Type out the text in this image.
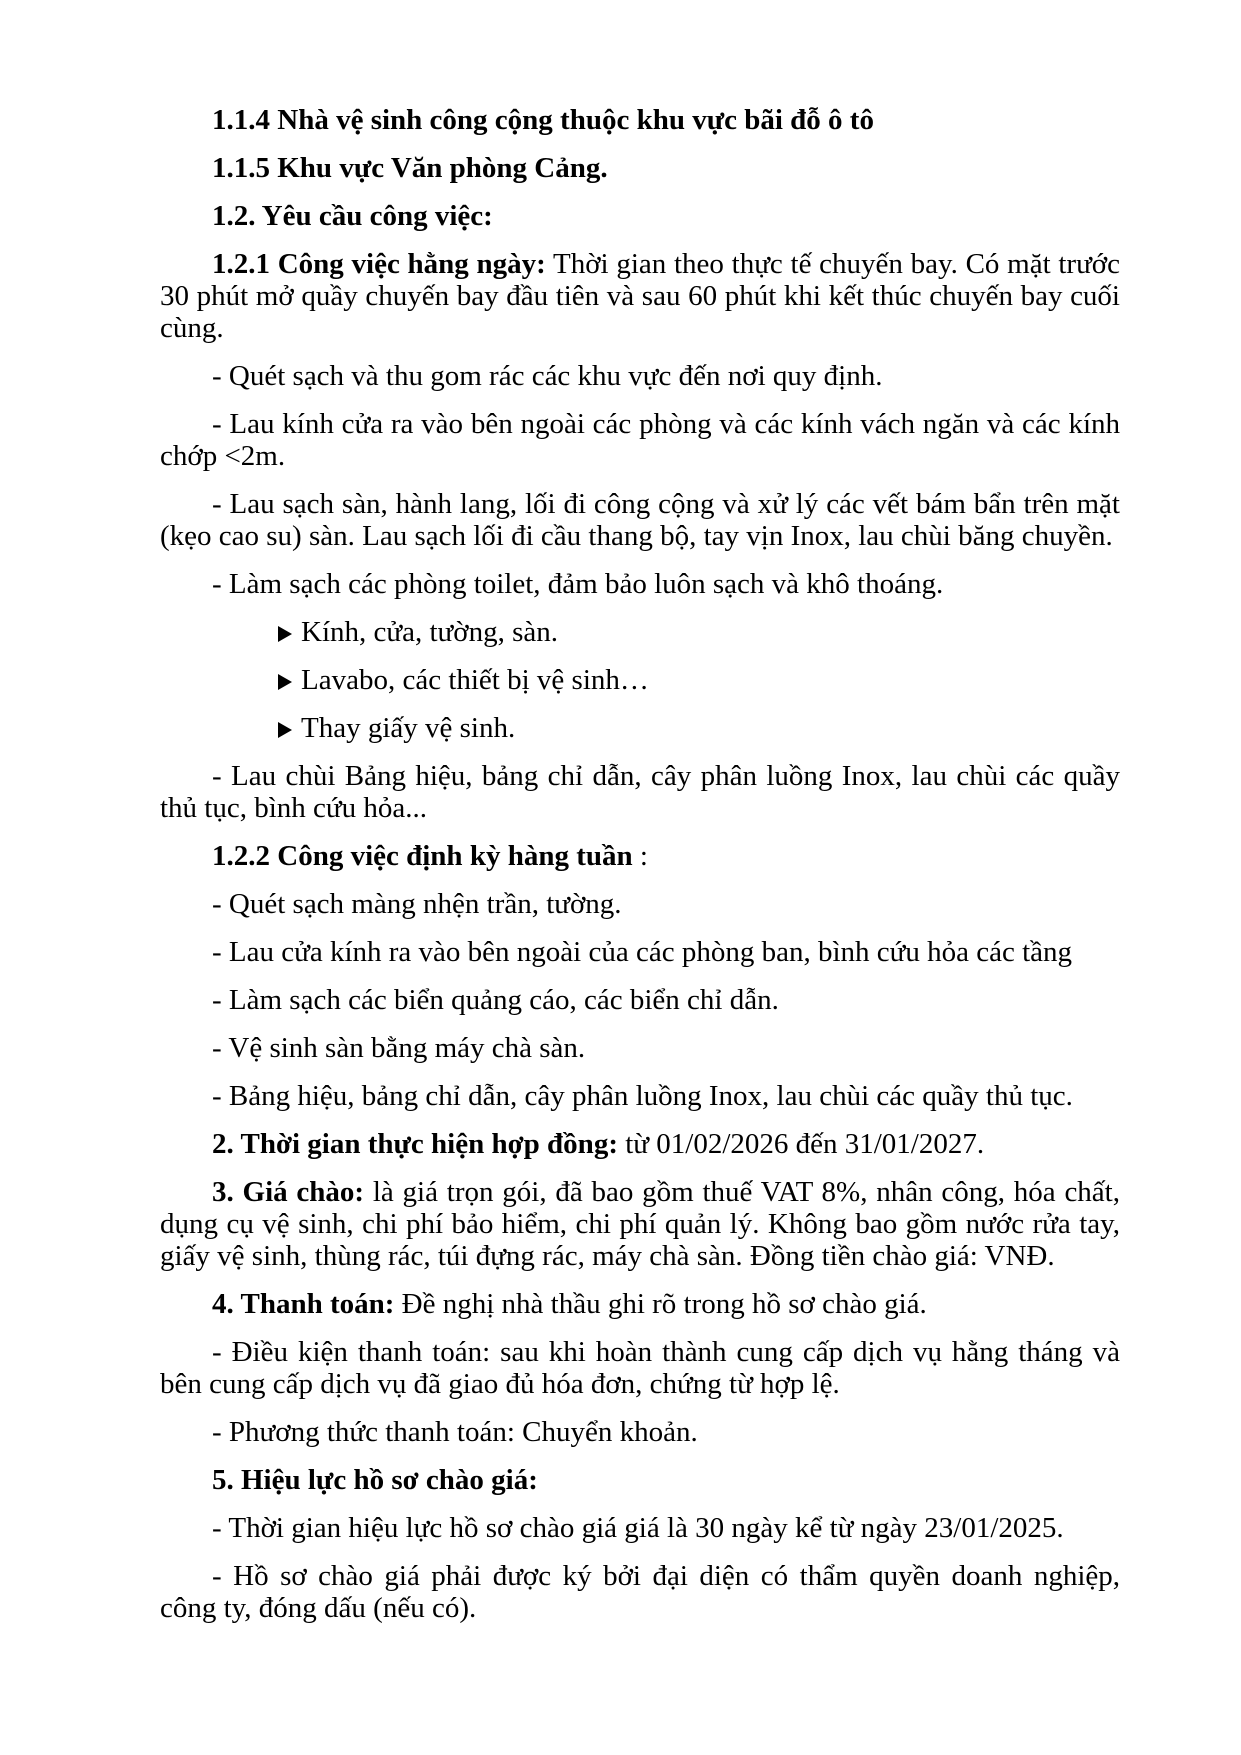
1.1.4 Nhà vệ sinh công cộng thuộc khu vực bãi đỗ ô tô

1.1.5 Khu vực Văn phòng Cảng.

1.2. Yêu cầu công việc:

1.2.1 Công việc hằng ngày: Thời gian theo thực tế chuyến bay. Có mặt trước 30 phút mở quầy chuyến bay đầu tiên và sau 60 phút khi kết thúc chuyến bay cuối cùng.

- Quét sạch và thu gom rác các khu vực đến nơi quy định.

- Lau kính cửa ra vào bên ngoài các phòng và các kính vách ngăn và các kính chớp <2m.

- Lau sạch sàn, hành lang, lối đi công cộng và xử lý các vết bám bẩn trên mặt (kẹo cao su) sàn. Lau sạch lối đi cầu thang bộ, tay vịn Inox, lau chùi băng chuyền.

- Làm sạch các phòng toilet, đảm bảo luôn sạch và khô thoáng.

Kính, cửa, tường, sàn.

Lavabo, các thiết bị vệ sinh…

Thay giấy vệ sinh.

- Lau chùi Bảng hiệu, bảng chỉ dẫn, cây phân luồng Inox, lau chùi các quầy thủ tục, bình cứu hỏa...

1.2.2 Công việc định kỳ hàng tuần :

- Quét sạch màng nhện trần, tường.

- Lau cửa kính ra vào bên ngoài của các phòng ban, bình cứu hỏa các tầng

- Làm sạch các biển quảng cáo, các biển chỉ dẫn.

- Vệ sinh sàn bằng máy chà sàn.

- Bảng hiệu, bảng chỉ dẫn, cây phân luồng Inox, lau chùi các quầy thủ tục.

2. Thời gian thực hiện hợp đồng: từ 01/02/2026 đến 31/01/2027.

3. Giá chào: là giá trọn gói, đã bao gồm thuế VAT 8%, nhân công, hóa chất, dụng cụ vệ sinh, chi phí bảo hiểm, chi phí quản lý. Không bao gồm nước rửa tay, giấy vệ sinh, thùng rác, túi đựng rác, máy chà sàn. Đồng tiền chào giá: VNĐ.

4. Thanh toán: Đề nghị nhà thầu ghi rõ trong hồ sơ chào giá.

- Điều kiện thanh toán: sau khi hoàn thành cung cấp dịch vụ hằng tháng và bên cung cấp dịch vụ đã giao đủ hóa đơn, chứng từ hợp lệ.

- Phương thức thanh toán: Chuyển khoản.

5. Hiệu lực hồ sơ chào giá:

- Thời gian hiệu lực hồ sơ chào giá giá là 30 ngày kể từ ngày 23/01/2025.

- Hồ sơ chào giá phải được ký bởi đại diện có thẩm quyền doanh nghiệp, công ty, đóng dấu (nếu có).
